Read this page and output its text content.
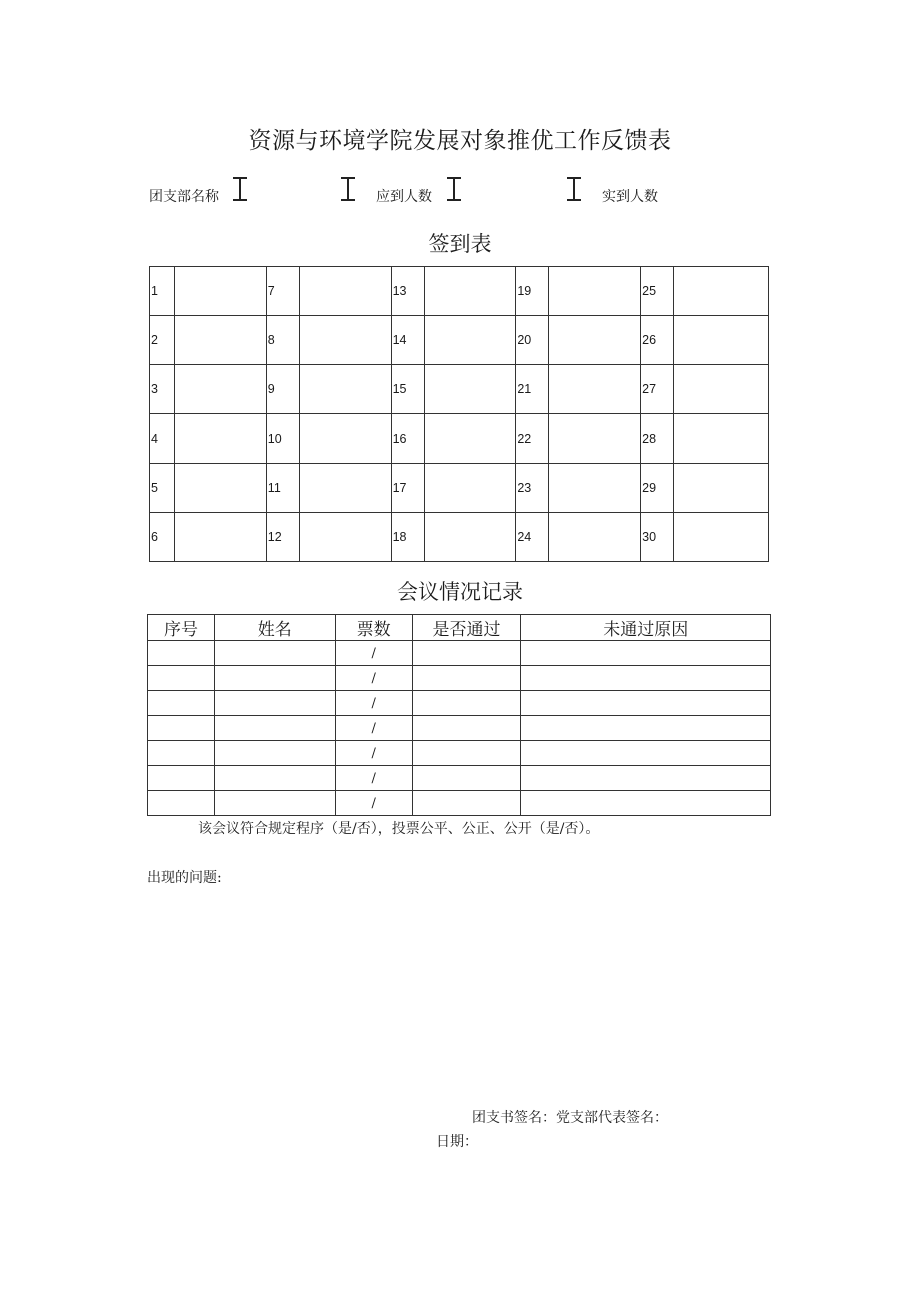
资源与环境学院发展对象推优工作反馈表
团支部名称	应到人数	实到人数
签到表
1		7		13		19		25	
2		8		14		20		26	
3		9		15		21		27	
4		10		16		22		28	
5		11		17		23		29	
6		12		18		24		30	
会议情况记录
序号	姓名	票数	是否通过	未通过原因
		/		
		/		
		/		
		/		
		/		
		/		
		/		
该会议符合规定程序（是/否），投票公平、公正、公开（是/否）。
出现的问题:
团支书签名：党支部代表签名：
日期：
